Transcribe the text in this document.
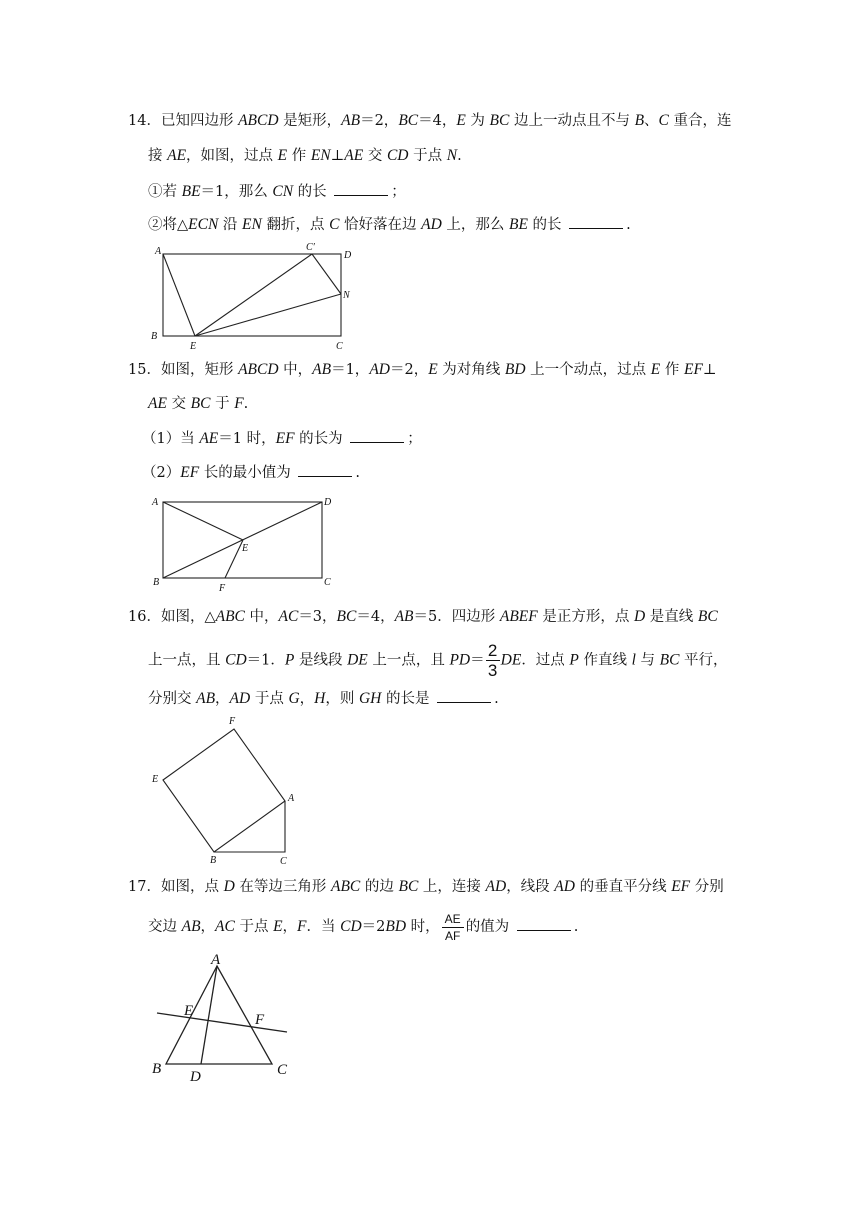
14．已知四边形 ABCD 是矩形，AB＝2，BC＝4，E 为 BC 边上一动点且不与 B、C 重合，连
接 AE，如图，过点 E 作 EN⊥AE 交 CD 于点 N.
①若 BE＝1，那么 CN 的长	；
②将△ECN 沿 EN 翻折，点 C 恰好落在边 AD 上，那么 BE 的长	.
A
B
C
D
E
N
C′
15．如图，矩形 ABCD 中，AB＝1，AD＝2，E 为对角线 BD 上一个动点，过点 E 作 EF⊥
AE 交 BC 于 F.
（1）当 AE＝1 时，EF 的长为	；
（2）EF 长的最小值为	.
A
B	C
D
E
F
16．如图，△ABC 中，AC＝3，BC＝4，AB＝5．四边形 ABEF 是正方形，点 D 是直线 BC
上一点，且 CD＝1．P 是线段 DE 上一点，且 $PD= \frac{2}{3}$ DE．过点 P 作直线 l 与 BC 平行，
分别交 AB，AD 于点 G，H，则 GH 的长是	.
E
F
A
B	C
17．如图，点 D 在等边三角形 ABC 的边 BC 上，连接 AD，线段 AD 的垂直平分线 EF 分别
交边 AB，AC 于点 E，F．当 CD＝2BD 时， $\frac{AE}{AF}$ 的值为	.
A
B	C
D
E
F
